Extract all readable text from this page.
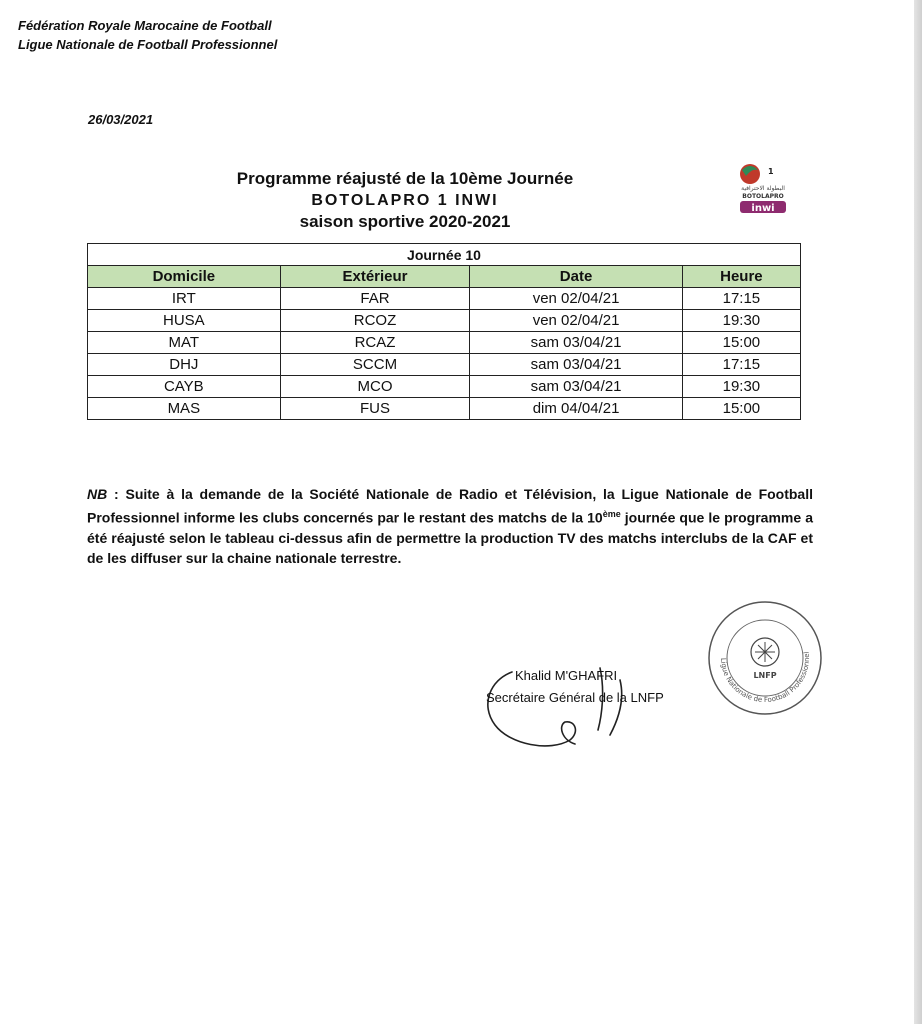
Fédération Royale Marocaine de Football
Ligue Nationale de Football Professionnel
26/03/2021
Programme réajusté de la 10ème Journée
BOTOLAPRO 1 INWI
saison sportive 2020-2021
1
البطولة الاحترافية
BOTOLAPRO
inwi
Journée 10			
Domicile	Extérieur	Date	Heure
IRT	FAR	ven 02/04/21	17:15
HUSA	RCOZ	ven 02/04/21	19:30
MAT	RCAZ	sam 03/04/21	15:00
DHJ	SCCM	sam 03/04/21	17:15
CAYB	MCO	sam 03/04/21	19:30
MAS	FUS	dim 04/04/21	15:00
NB : Suite à la demande de la Société Nationale de Radio et Télévision, la Ligue Nationale de Football Professionnel informe les clubs concernés par le restant des matchs de la 10ème journée que le programme a été réajusté selon le tableau ci-dessus afin de permettre la production TV des matchs interclubs de la CAF et de les diffuser sur la chaine nationale terrestre.
Khalid M'GHAFRI
Secrétaire Général de la LNFP
Ligue Nationale de Football Professionnel
LNFP
